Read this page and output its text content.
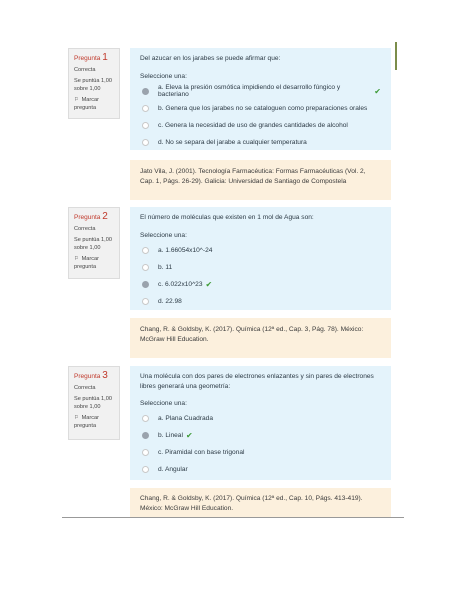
Pregunta 1
Correcta
Se puntúa 1,00 sobre 1,00
⚐ Marcar pregunta
Del azucar en los jarabes se puede afirmar que:
Seleccione una:
a. Eleva la presión osmótica impidiendo el desarrollo fúngico y bacteriano	✔
b. Genera que los jarabes no se cataloguen como preparaciones orales
c. Genera la necesidad de uso de grandes cantidades de alcohol
d. No se separa del jarabe a cualquier temperatura
Jato Vila, J. (2001). Tecnología Farmacéutica: Formas Farmacéuticas (Vol. 2, Cap. 1, Págs. 26-29). Galicia: Universidad de Santiago de Compostela
Pregunta 2
Correcta
Se puntúa 1,00 sobre 1,00
⚐ Marcar pregunta
El número de moléculas que existen en 1 mol de Agua son:
Seleccione una:
a. 1.66054x10^-24
b. 11
c. 6.022x10^23 ✔
d. 22.98
Chang, R. & Goldsby, K. (2017). Química (12ª ed., Cap. 3, Pág. 78). México: McGraw Hill Education.
Pregunta 3
Correcta
Se puntúa 1,00 sobre 1,00
⚐ Marcar pregunta
Una molécula con dos pares de electrones enlazantes y sin pares de electrones libres generará una geometría:
Seleccione una:
a. Plana Cuadrada
b. Lineal ✔
c. Piramidal con base trigonal
d. Angular
Chang, R. & Goldsby, K. (2017). Química (12ª ed., Cap. 10, Págs. 413-419). México: McGraw Hill Education.
